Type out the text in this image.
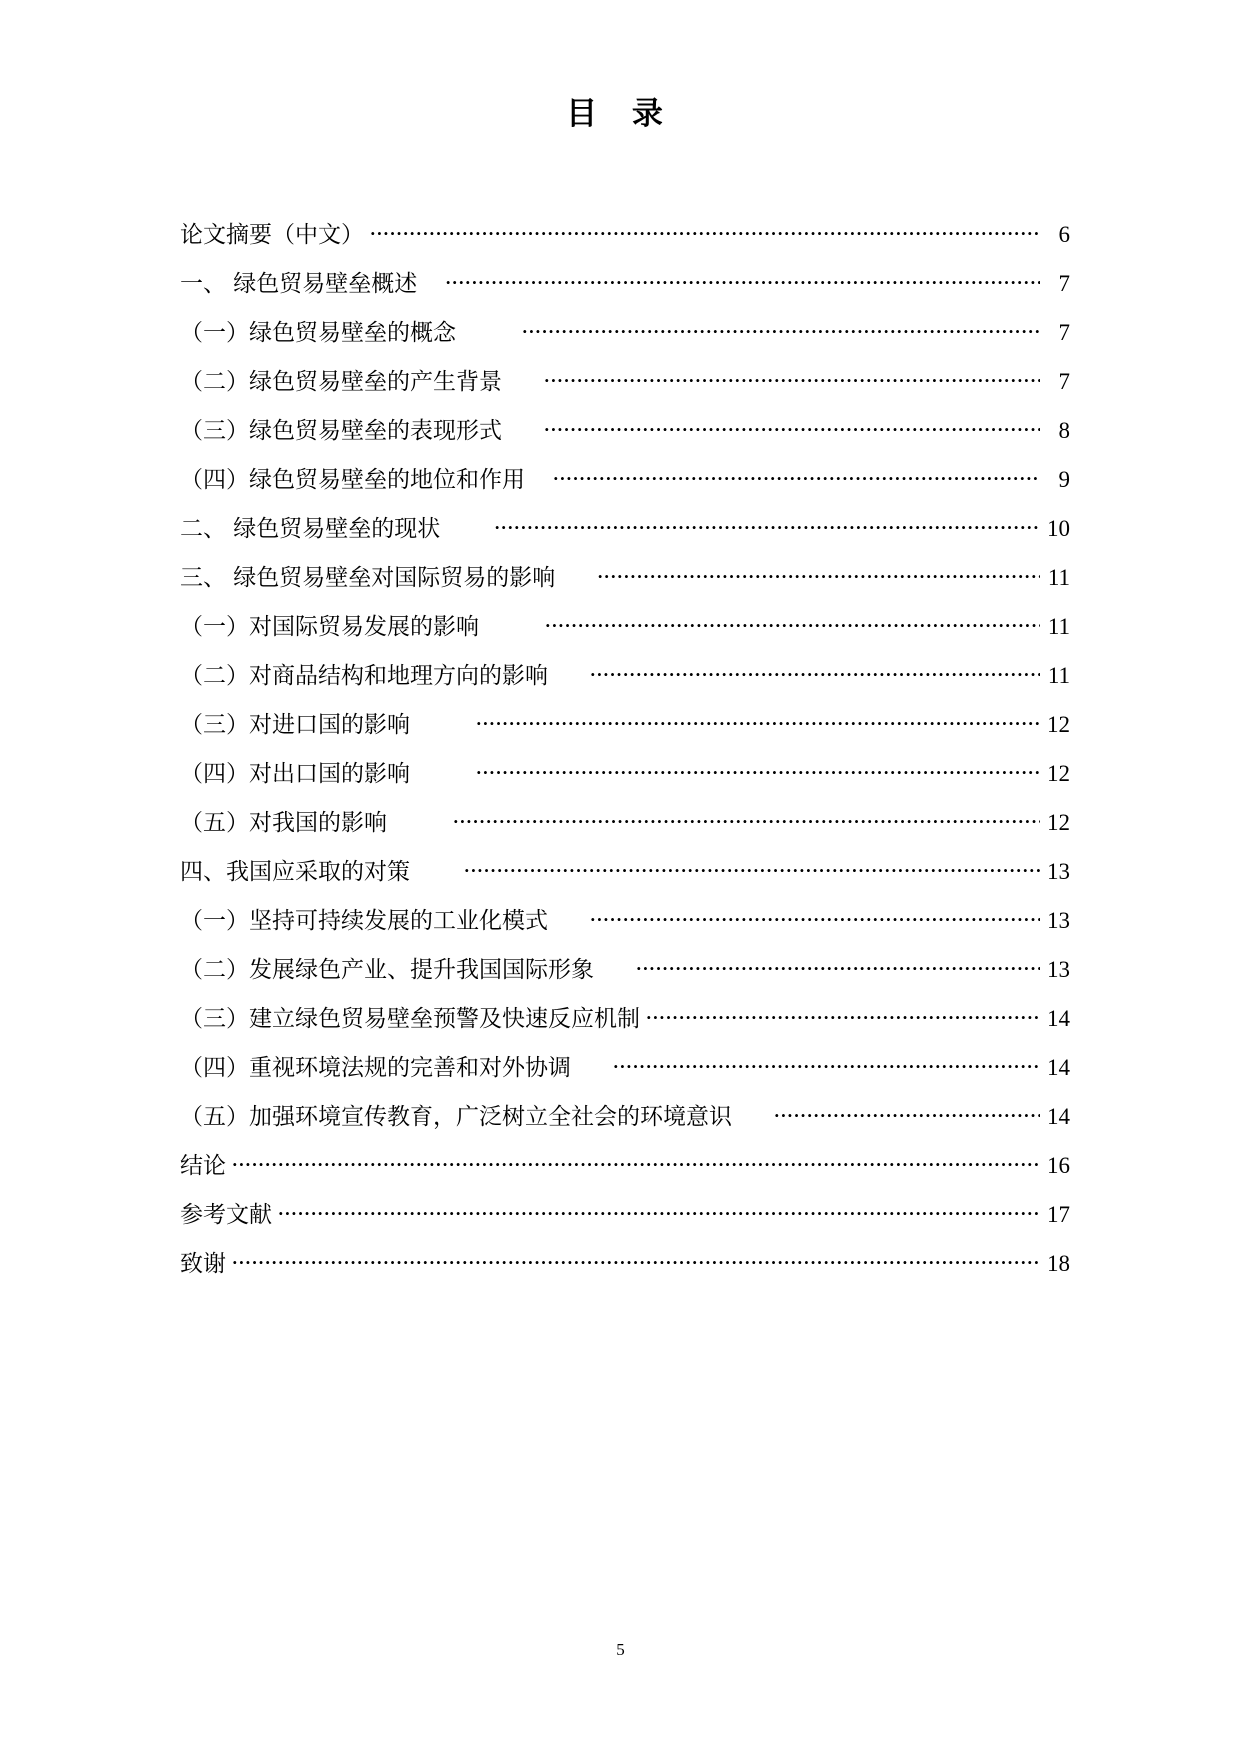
目 录
论文摘要（中文） ·····	6
一、 绿色贸易壁垒概述 ·····	7
（一）绿色贸易壁垒的概念 ·····	7
（二）绿色贸易壁垒的产生背景 ·····	7
（三）绿色贸易壁垒的表现形式 ·····	8
（四）绿色贸易壁垒的地位和作用 ·····	9
二、 绿色贸易壁垒的现状 ·····	10
三、 绿色贸易壁垒对国际贸易的影响 ·····	11
（一）对国际贸易发展的影响 ·····	11
（二）对商品结构和地理方向的影响 ·····	11
（三）对进口国的影响 ·····	12
（四）对出口国的影响 ·····	12
（五）对我国的影响 ·····	12
四、我国应采取的对策 ·····	13
（一）坚持可持续发展的工业化模式 ·····	13
（二）发展绿色产业、提升我国国际形象 ·····	13
（三）建立绿色贸易壁垒预警及快速反应机制 ·····	14
（四）重视环境法规的完善和对外协调 ·····	14
（五）加强环境宣传教育，广泛树立全社会的环境意识 ·····	14
结论 ·····	16
参考文献 ·····	17
致谢 ·····	18
5
